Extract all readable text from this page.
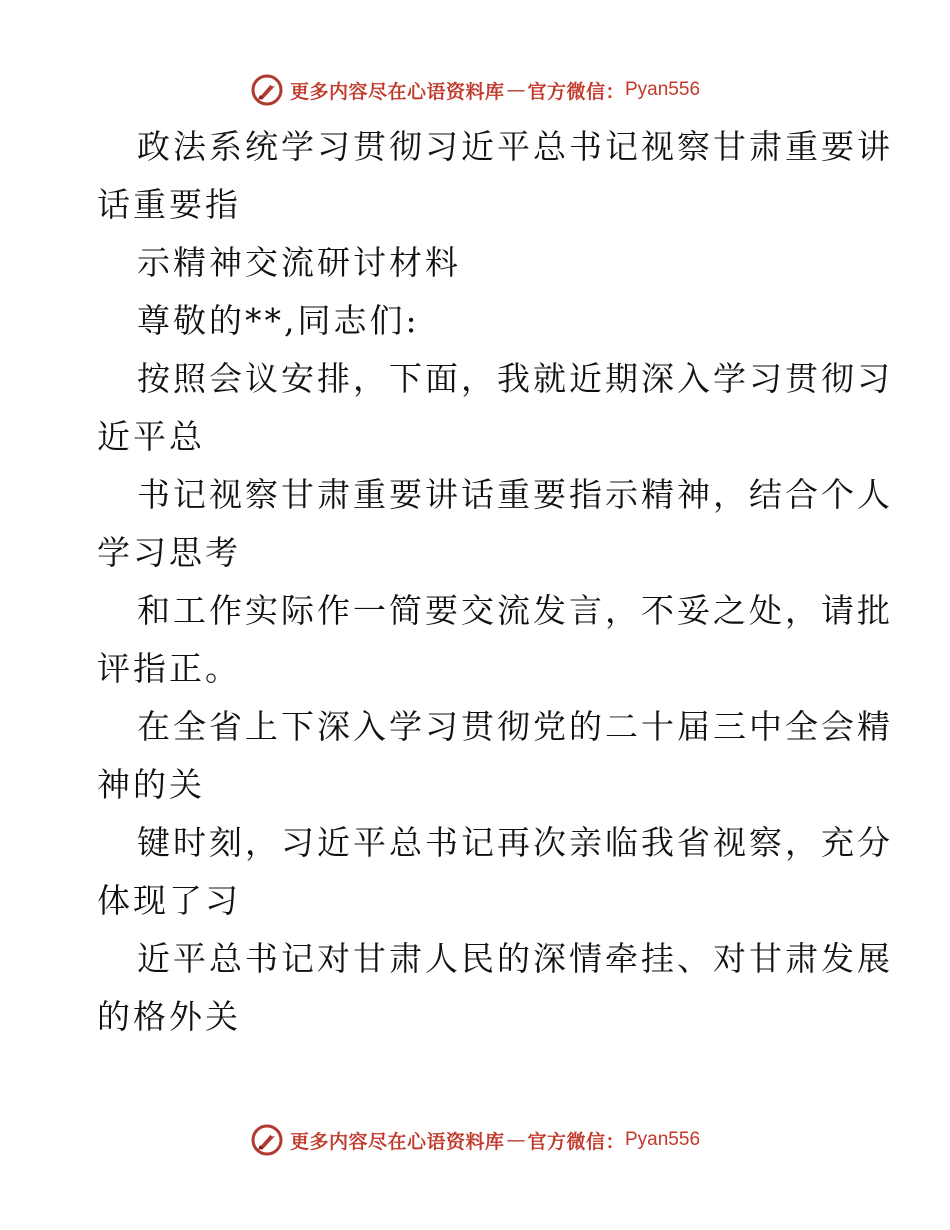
更多内容尽在心语资料库 — 官方微信： Pyan556
政法系统学习贯彻习近平总书记视察甘肃重要讲
话重要指
示精神交流研讨材料
尊敬的**,同志们:
按照会议安排，下面，我就近期深入学习贯彻习
近平总
书记视察甘肃重要讲话重要指示精神，结合个人
学习思考
和工作实际作一简要交流发言，不妥之处，请批
评指正。
在全省上下深入学习贯彻党的二十届三中全会精
神的关
键时刻，习近平总书记再次亲临我省视察，充分
体现了习
近平总书记对甘肃人民的深情牵挂、对甘肃发展
的格外关
更多内容尽在心语资料库 — 官方微信： Pyan556
